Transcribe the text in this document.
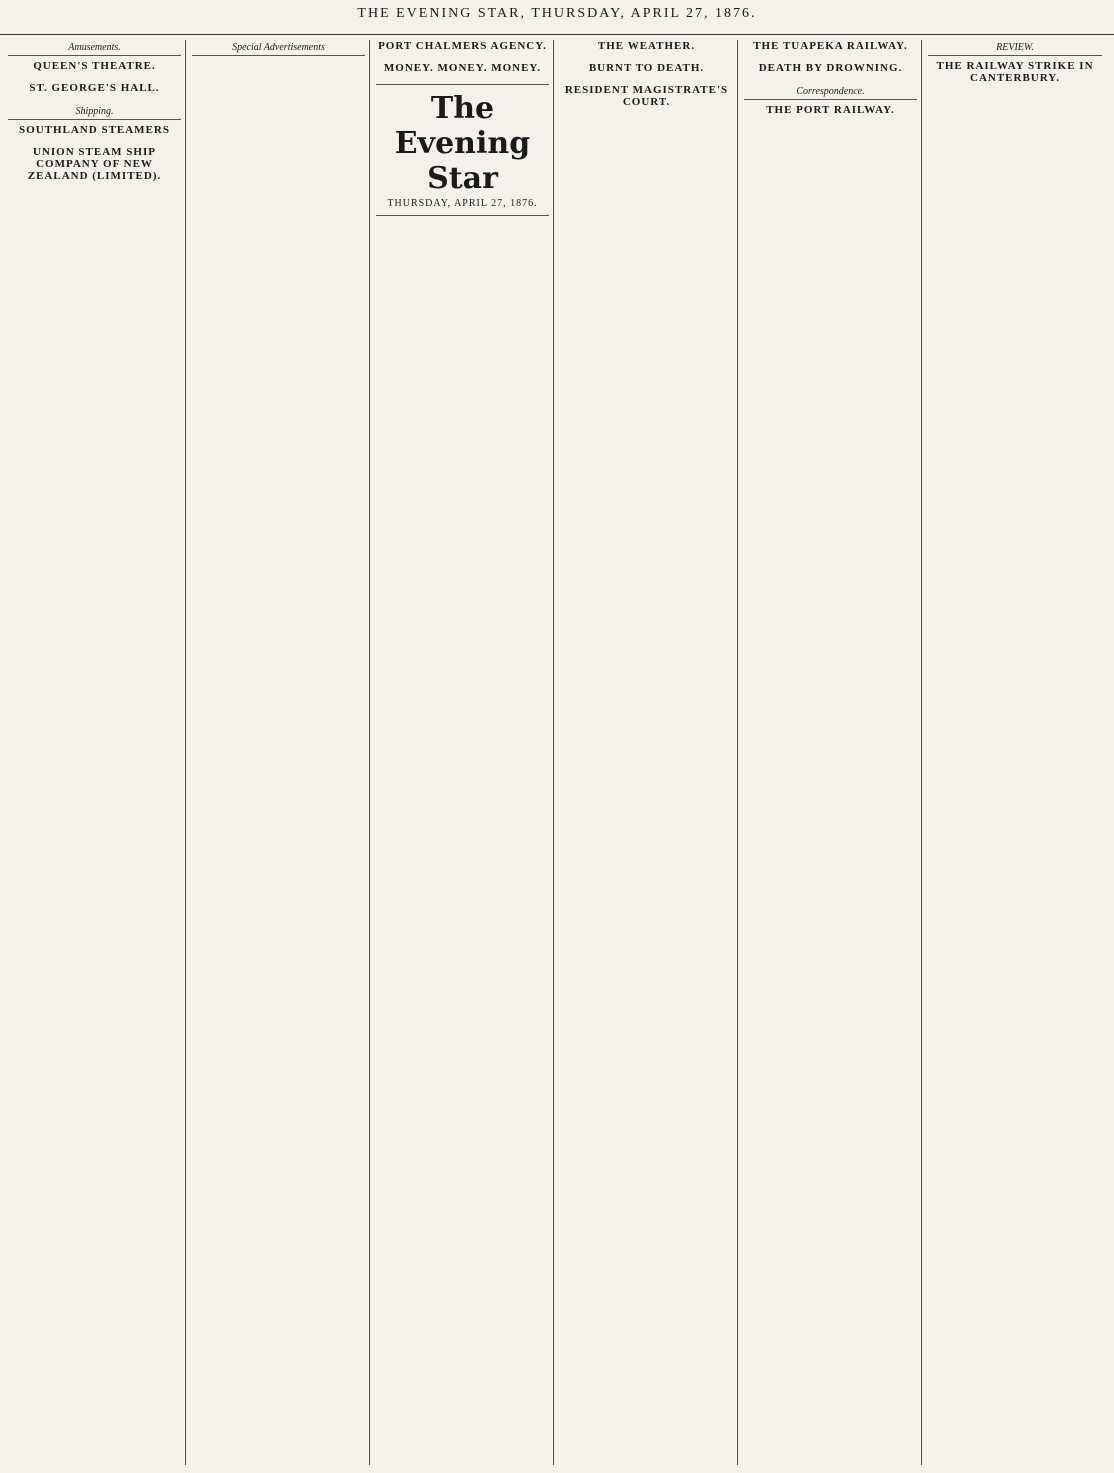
THE EVENING STAR, THURSDAY, APRIL 27, 1876.
Amusements.
QUEEN'S THEATRE.
ST. GEORGE'S HALL.
Shipping.
SOUTHLAND STEAMERS
UNION STEAM SHIP COMPANY OF NEW ZEALAND (LIMITED).
Special Advertisements	PORT CHALMERS AGENCY.
MONEY. MONEY. MONEY.
The Evening Star
THURSDAY, APRIL 27, 1876.
THE WEATHER.
BURNT TO DEATH.
RESIDENT MAGISTRATE'S COURT.
THE TUAPEKA RAILWAY.
DEATH BY DROWNING.
Correspondence.
THE PORT RAILWAY.
REVIEW.
THE RAILWAY STRIKE IN CANTERBURY.
